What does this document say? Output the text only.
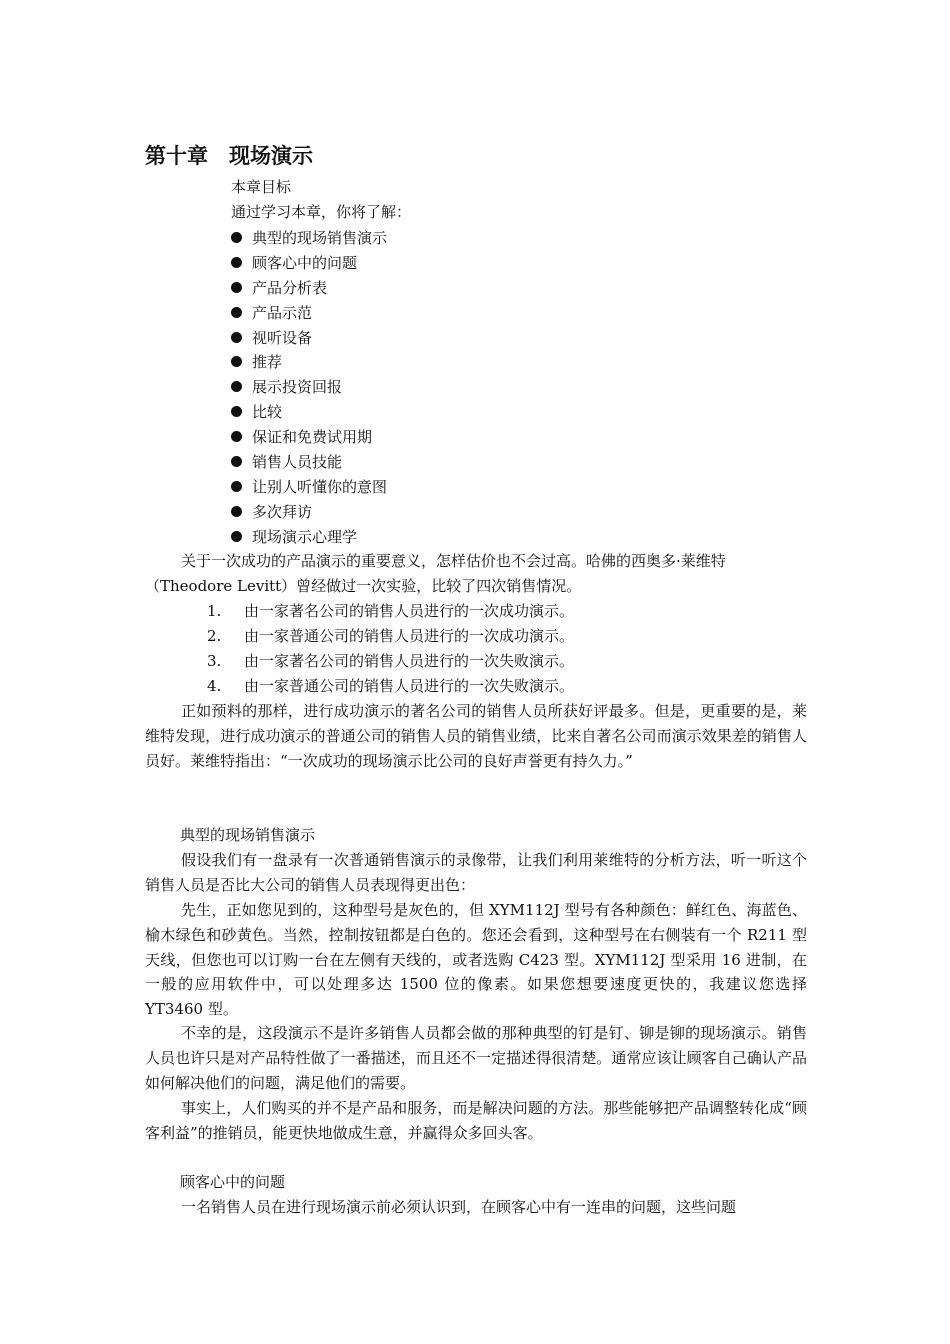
第十章　现场演示

本章目标

通过学习本章，你将了解：

典型的现场销售演示
顾客心中的问题
产品分析表
产品示范
视听设备
推荐
展示投资回报
比较
保证和免费试用期
销售人员技能
让别人听懂你的意图
多次拜访
现场演示心理学

关于一次成功的产品演示的重要意义，怎样估价也不会过高。哈佛的西奥多·莱维特

（Theodore Levitt）曾经做过一次实验，比较了四次销售情况。

1. 由一家著名公司的销售人员进行的一次成功演示。
2. 由一家普通公司的销售人员进行的一次成功演示。
3. 由一家著名公司的销售人员进行的一次失败演示。
4. 由一家普通公司的销售人员进行的一次失败演示。

正如预料的那样，进行成功演示的著名公司的销售人员所获好评最多。但是，更重要的是，莱维特发现，进行成功演示的普通公司的销售人员的销售业绩，比来自著名公司而演示效果差的销售人员好。莱维特指出：“一次成功的现场演示比公司的良好声誉更有持久力。”

典型的现场销售演示

假设我们有一盘录有一次普通销售演示的录像带，让我们利用莱维特的分析方法，听一听这个销售人员是否比大公司的销售人员表现得更出色：

先生，正如您见到的，这种型号是灰色的，但 XYM112J 型号有各种颜色：鲜红色、海蓝色、榆木绿色和砂黄色。当然，控制按钮都是白色的。您还会看到，这种型号在右侧装有一个 R211 型天线，但您也可以订购一台在左侧有天线的，或者选购 C423 型。XYM112J 型采用 16 进制，在一般的应用软件中，可以处理多达 1500 位的像素。如果您想要速度更快的，我建议您选择 YT3460 型。

不幸的是，这段演示不是许多销售人员都会做的那种典型的钉是钉、铆是铆的现场演示。销售人员也许只是对产品特性做了一番描述，而且还不一定描述得很清楚。通常应该让顾客自己确认产品如何解决他们的问题，满足他们的需要。

事实上，人们购买的并不是产品和服务，而是解决问题的方法。那些能够把产品调整转化成“顾客利益”的推销员，能更快地做成生意，并赢得众多回头客。

顾客心中的问题

一名销售人员在进行现场演示前必须认识到，在顾客心中有一连串的问题，这些问题
